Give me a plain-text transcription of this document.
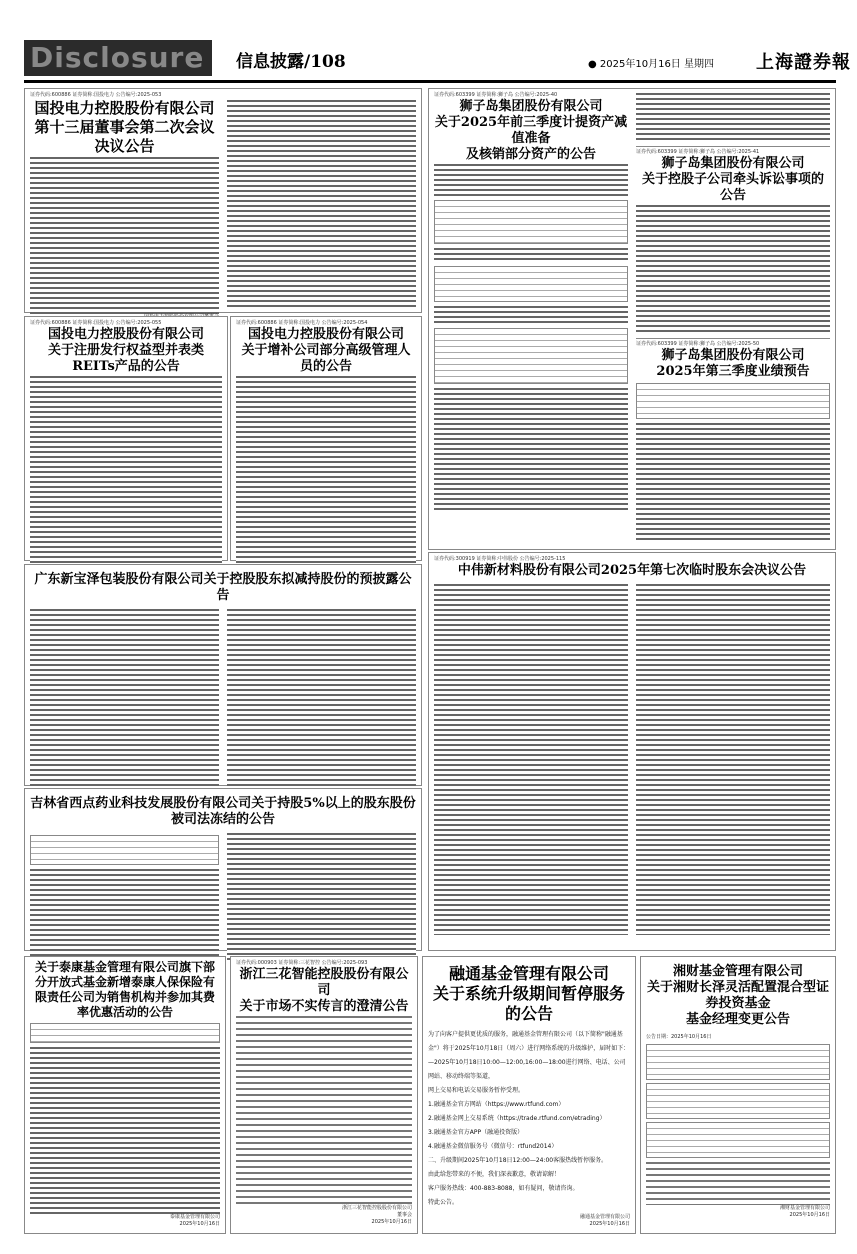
Disclosure 信息披露/108	● 2025年10月16日 星期四 上海證券報
证券代码:600886 证券简称:国投电力 公告编号:2025-053
国投电力控股股份有限公司
第十三届董事会第二次会议决议公告
证券代码:600886 证券简称:国投电力 公告编号:2025-055
国投电力控股股份有限公司
关于注册发行权益型并表类REITs产品的公告
证券代码:600886 证券简称:国投电力 公告编号:2025-054
国投电力控股股份有限公司
关于增补公司部分高级管理人员的公告
广东新宝泽包装股份有限公司关于控股股东拟减持股份的预披露公告
吉林省西点药业科技发展股份有限公司关于持股5%以上的股东股份被司法冻结的公告
证券代码:603399 证券简称:狮子岛 公告编号:2025-40
狮子岛集团股份有限公司
关于2025年前三季度计提资产减值准备
及核销部分资产的公告	证券代码:603399 证券简称:狮子岛 公告编号:2025-41
狮子岛集团股份有限公司
关于控股子公司牵头诉讼事项的公告
证券代码:603399 证券简称:狮子岛 公告编号:2025-50
狮子岛集团股份有限公司
2025年第三季度业绩预告
证券代码:300919 证券简称:中伟股份 公告编号:2025-115
中伟新材料股份有限公司2025年第七次临时股东会决议公告
关于泰康基金管理有限公司旗下部分开放式基金新增泰康人保保险有限责任公司为销售机构并参加其费率优惠活动的公告
泰康基金管理有限公司
2025年10月16日
证券代码:000903 证券简称:三花智控 公告编号:2025-093
浙江三花智能控股股份有限公司
关于市场不实传言的澄清公告
浙江三花智能控股股份有限公司
董事会
2025年10月16日
融通基金管理有限公司
关于系统升级期间暂停服务的公告
为了向客户提供更优质的服务，融通基金管理有限公司（以下简称"融通基
金"）将于2025年10月18日（周六）进行网络系统的升级维护，届时如下：
—2025年10月18日10:00—12:00,16:00—18:00进行网络、电话、公司网站、移动终端等渠道，
网上交易和电话交易服务暂停受理。
1.融通基金官方网站（https://www.rtfund.com）
2.融通基金网上交易系统（https://trade.rtfund.com/etrading）
3.融通基金官方APP（融通投资版）
4.融通基金微信服务号（微信号：rtfund2014）
二、升级期间2025年10月18日12:00—24:00客服热线暂停服务。
由此给您带来的不便，我们深表歉意，敬请谅解！
客户服务热线：400-883-8088，如有疑问，敬请咨询。
特此公告。
融通基金管理有限公司
2025年10月16日
湘财基金管理有限公司
关于湘财长泽灵活配置混合型证券投资基金
基金经理变更公告
公告日期：2025年10月16日
湘财基金管理有限公司
2025年10月16日
